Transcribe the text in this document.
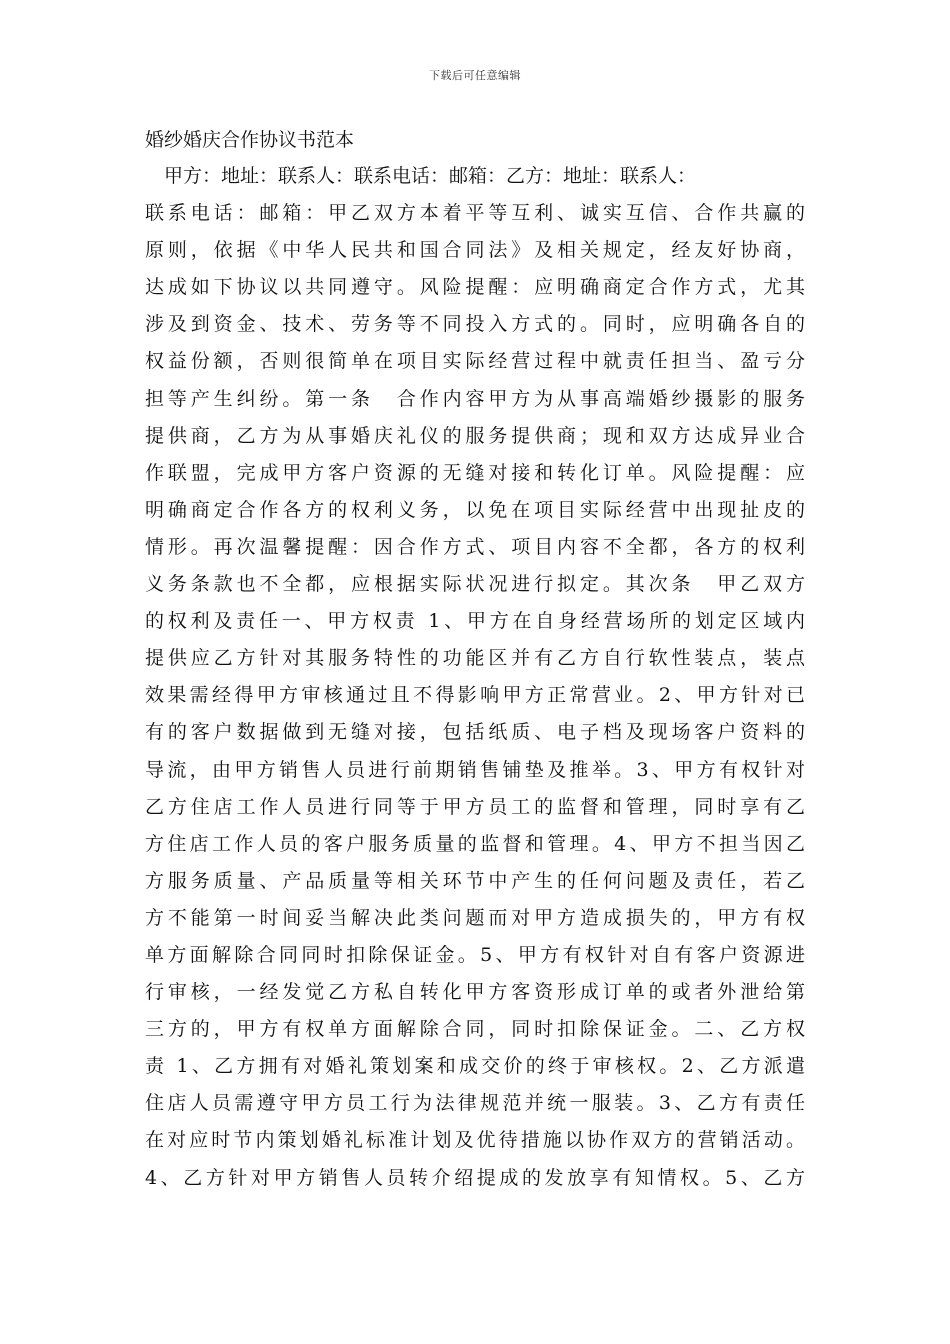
下载后可任意编辑
婚纱婚庆合作协议书范本
　甲方：地址：联系人：联系电话：邮箱：乙方：地址：联系人：
联系电话：邮箱：甲乙双方本着平等互利、诚实互信、合作共赢的
原则，依据《中华人民共和国合同法》及相关规定，经友好协商，
达成如下协议以共同遵守。风险提醒：应明确商定合作方式，尤其
涉及到资金、技术、劳务等不同投入方式的。同时，应明确各自的
权益份额，否则很简单在项目实际经营过程中就责任担当、盈亏分
担等产生纠纷。第一条　合作内容甲方为从事高端婚纱摄影的服务
提供商，乙方为从事婚庆礼仪的服务提供商；现和双方达成异业合
作联盟，完成甲方客户资源的无缝对接和转化订单。风险提醒：应
明确商定合作各方的权利义务，以免在项目实际经营中出现扯皮的
情形。再次温馨提醒：因合作方式、项目内容不全都，各方的权利
义务条款也不全都，应根据实际状况进行拟定。其次条　甲乙双方
的权利及责任一、甲方权责 1、甲方在自身经营场所的划定区域内
提供应乙方针对其服务特性的功能区并有乙方自行软性装点，装点
效果需经得甲方审核通过且不得影响甲方正常营业。2、甲方针对已
有的客户数据做到无缝对接，包括纸质、电子档及现场客户资料的
导流，由甲方销售人员进行前期销售铺垫及推举。3、甲方有权针对
乙方住店工作人员进行同等于甲方员工的监督和管理，同时享有乙
方住店工作人员的客户服务质量的监督和管理。4、甲方不担当因乙
方服务质量、产品质量等相关环节中产生的任何问题及责任，若乙
方不能第一时间妥当解决此类问题而对甲方造成损失的，甲方有权
单方面解除合同同时扣除保证金。5、甲方有权针对自有客户资源进
行审核，一经发觉乙方私自转化甲方客资形成订单的或者外泄给第
三方的，甲方有权单方面解除合同，同时扣除保证金。二、乙方权
责 1、乙方拥有对婚礼策划案和成交价的终于审核权。2、乙方派遣
住店人员需遵守甲方员工行为法律规范并统一服装。3、乙方有责任
在对应时节内策划婚礼标准计划及优待措施以协作双方的营销活动。
4、乙方针对甲方销售人员转介绍提成的发放享有知情权。5、乙方
